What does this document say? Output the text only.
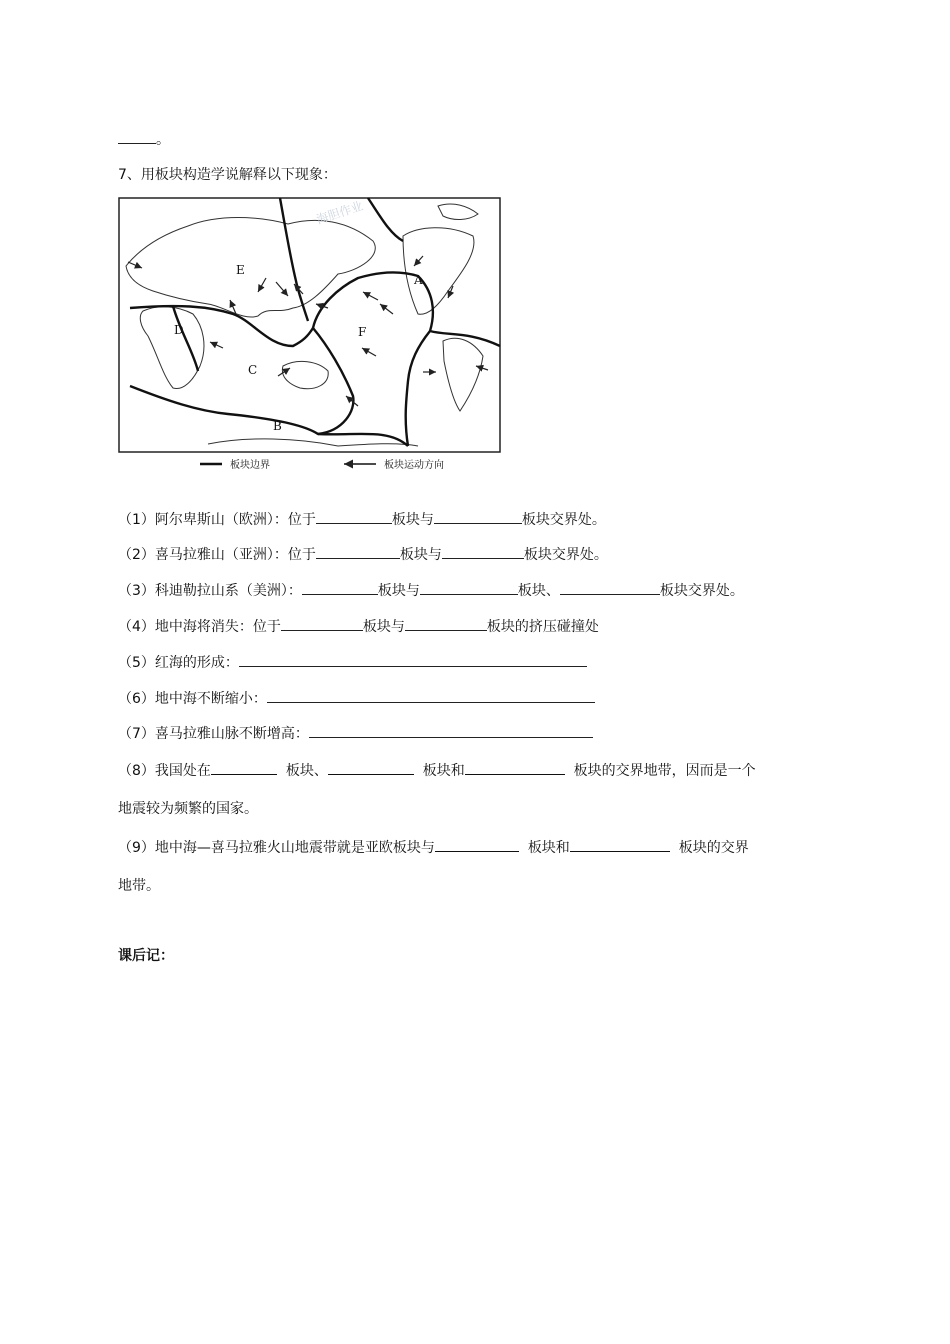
。
7、用板块构造学说解释以下现象：
E
A
D	F
C
B
海胆作业
板块边界	板块运动方向
（1）阿尔卑斯山（欧洲）：位于	板块与	板块交界处。
（2）喜马拉雅山（亚洲）：位于	板块与	板块交界处。
（3）科迪勒拉山系（美洲）：	板块与	板块、	板块交界处。
（4）地中海将消失：位于	板块与	板块的挤压碰撞处
（5）红海的形成：
（6）地中海不断缩小：
（7）喜马拉雅山脉不断增高：
（8）我国处在	板块、	板块和	板块的交界地带，因而是一个
地震较为频繁的国家。
（9）地中海—喜马拉雅火山地震带就是亚欧板块与	板块和	板块的交界
地带。
课后记：
